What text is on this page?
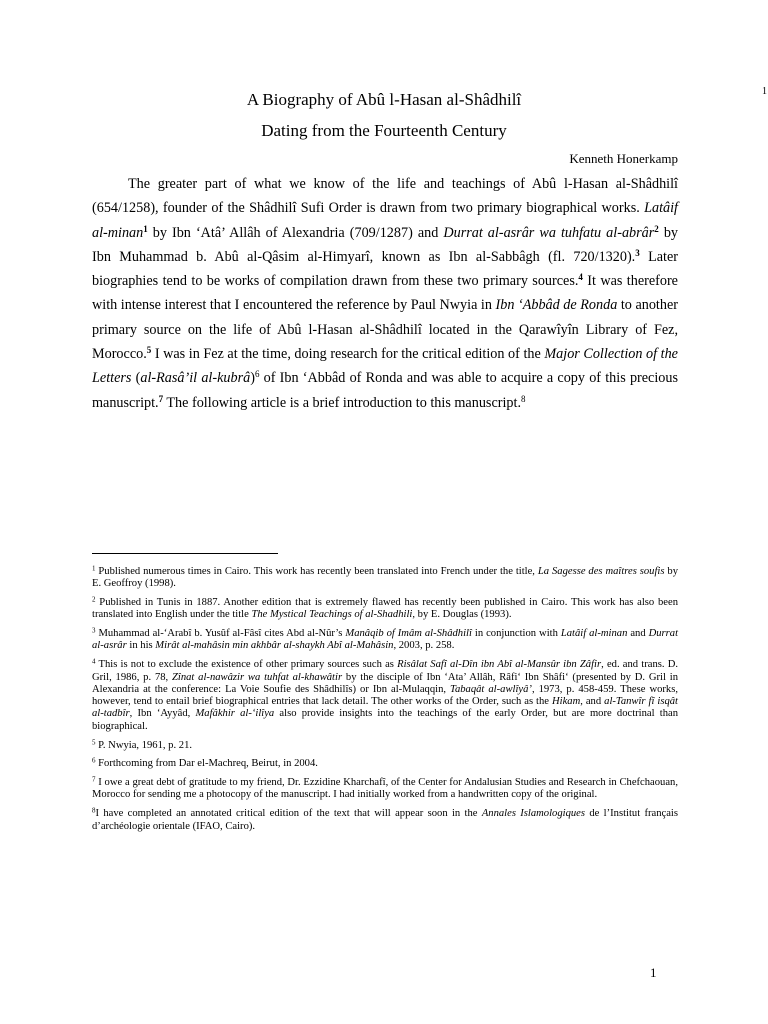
1
A Biography of Abû l-Hasan al-Shâdhilî
Dating from the Fourteenth Century
Kenneth Honerkamp

The greater part of what we know of the life and teachings of Abû l-Hasan al-Shâdhilî (654/1258), founder of the Shâdhilî Sufi Order is drawn from two primary biographical works. Latâif al-minan$^1$ by Ibn ‘Atâ’ Allâh of Alexandria (709/1287) and Durrat al-asrâr wa tuhfatu al-abrâr$^2$ by Ibn Muhammad b. Abû al-Qâsim al-Himyarî, known as Ibn al-Sabbâgh (fl. 720/1320).$^3$ Later biographies tend to be works of compilation drawn from these two primary sources.$^4$ It was therefore with intense interest that I encountered the reference by Paul Nwyia in Ibn ‘Abbâd de Ronda to another primary source on the life of Abû l-Hasan al-Shâdhilî located in the Qarawîyîn Library of Fez, Morocco.$^5$ I was in Fez at the time, doing research for the critical edition of the Major Collection of the Letters (al-Rasâ’il al-kubrâ)$^6$ of Ibn ‘Abbâd of Ronda and was able to acquire a copy of this precious manuscript.$^7$ The following article is a brief introduction to this manuscript.$^8$

$^1$ Published numerous times in Cairo. This work has recently been translated into French under the title, La Sagesse des maîtres soufis by E. Geoffroy (1998).

$^2$ Published in Tunis in 1887. Another edition that is extremely flawed has recently been published in Cairo. This work has also been translated into English under the title The Mystical Teachings of al-Shadhili, by E. Douglas (1993).

$^3$ Muhammad al-‘Arabî b. Yusûf al-Fâsî cites Abd al-Nûr’s Manâqib of Imâm al-Shâdhilî in conjunction with Latâif al-minan and Durrat al-asrâr in his Mirât al-mahâsin min akhbâr al-shaykh Abî al-Mahâsin, 2003, p. 258.

$^4$ This is not to exclude the existence of other primary sources such as Risâlat Safî al-Dîn ibn Abî al-Mansûr ibn Zâfir, ed. and trans. D. Gril, 1986, p. 78, Zînat al-nawâzir wa tuhfat al-khawâtir by the disciple of Ibn ‘Ata’ Allâh, Râfi‘ Ibn Shâfi‘ (presented by D. Gril in Alexandria at the conference: La Voie Soufie des Shâdhilîs) or Ibn al-Mulaqqin, Tabaqât al-awlîyâ’, 1973, p. 458-459. These works, however, tend to entail brief biographical entries that lack detail. The other works of the Order, such as the Hikam, and al-Tanwîr fî isqât al-tadbîr, Ibn ‘Ayyâd, Mafâkhir al-‘ilîya also provide insights into the teachings of the early Order, but are more doctrinal than biographical.

$^5$ P. Nwyia, 1961, p. 21.

$^6$ Forthcoming from Dar el-Machreq, Beirut, in 2004.

$^7$ I owe a great debt of gratitude to my friend, Dr. Ezzidine Kharchafî, of the Center for Andalusian Studies and Research in Chefchaouan, Morocco for sending me a photocopy of the manuscript. I had initially worked from a handwritten copy of the original.

$^8$I have completed an annotated critical edition of the text that will appear soon in the Annales Islamologiques de l’Institut français d’archéologie orientale (IFAO, Cairo).

1
